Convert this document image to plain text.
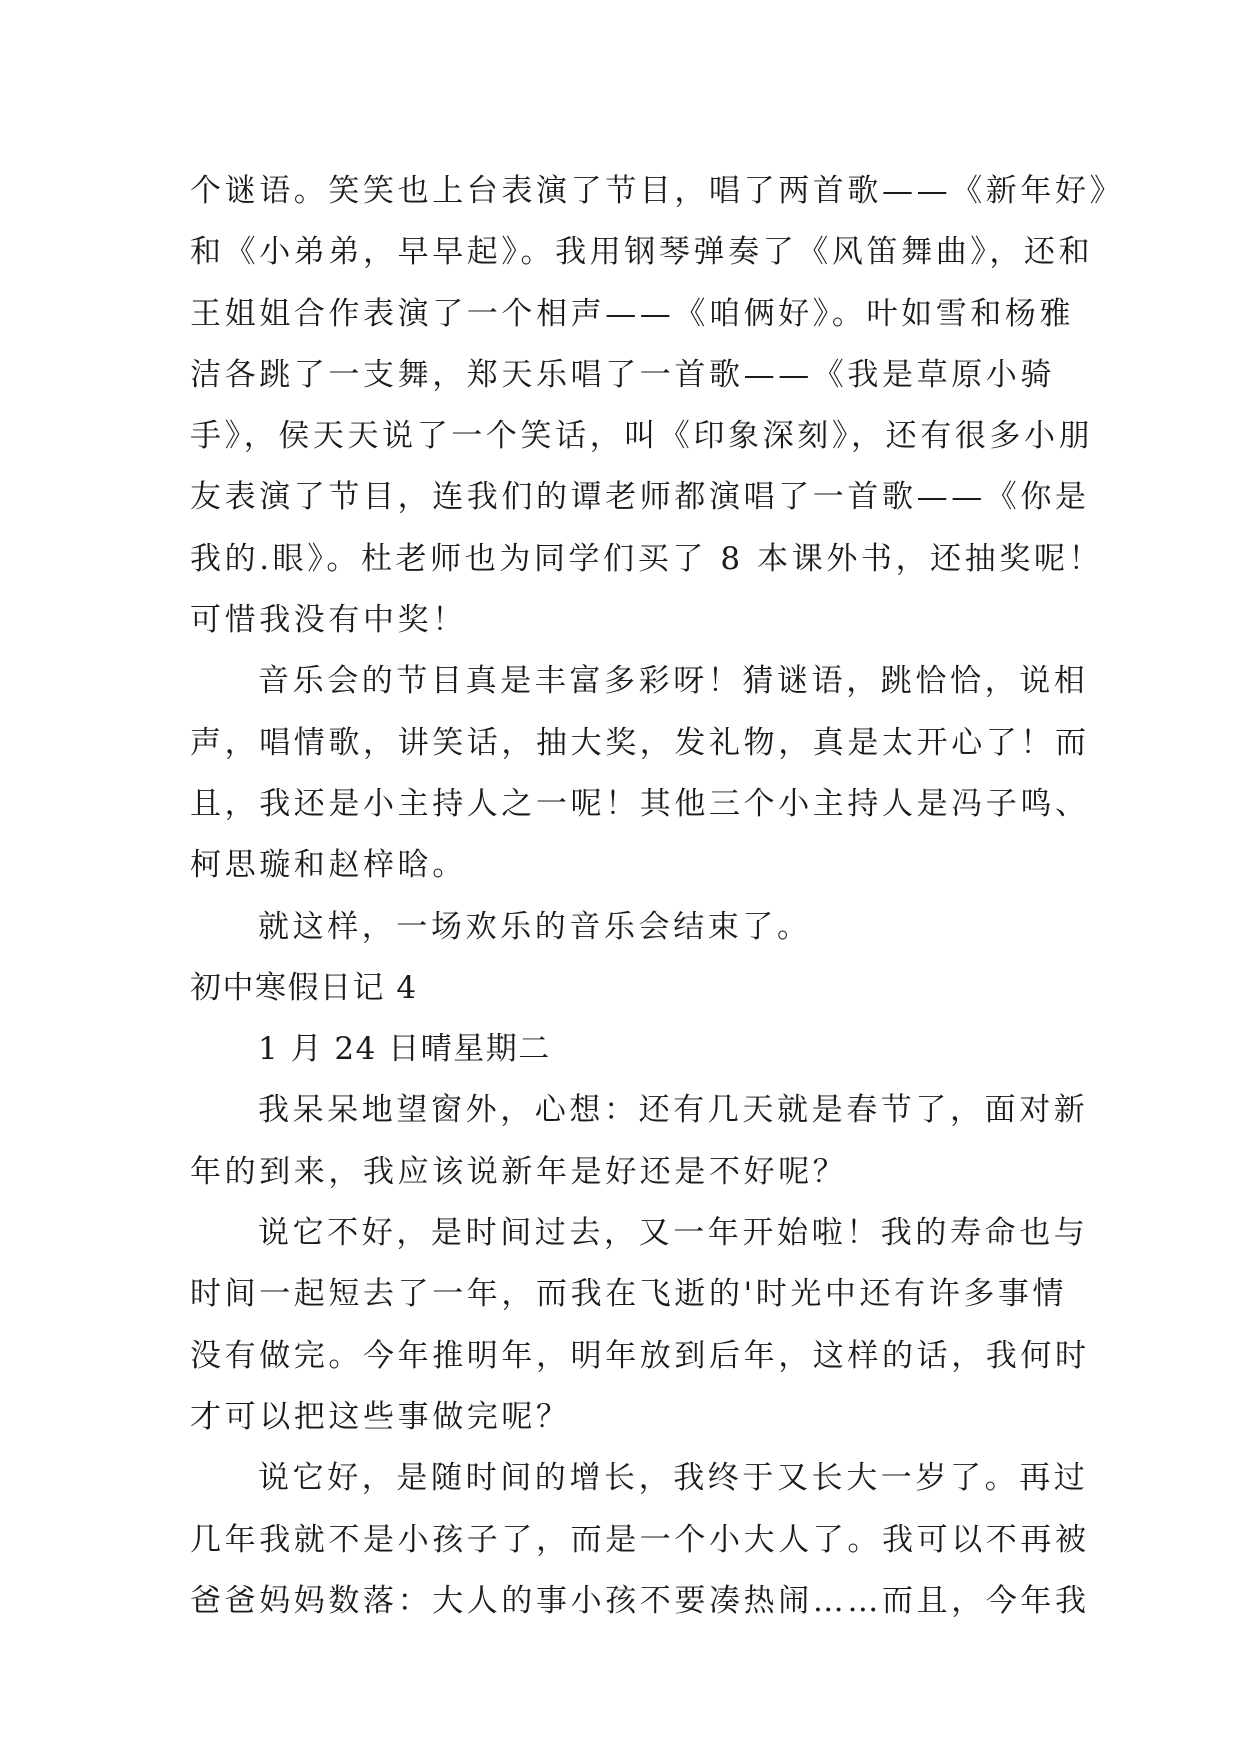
个谜语。笑笑也上台表演了节目，唱了两首歌——《新年好》
和《小弟弟，早早起》。我用钢琴弹奏了《风笛舞曲》，还和
王姐姐合作表演了一个相声——《咱俩好》。叶如雪和杨雅
洁各跳了一支舞，郑天乐唱了一首歌——《我是草原小骑
手》，侯天天说了一个笑话，叫《印象深刻》，还有很多小朋
友表演了节目，连我们的谭老师都演唱了一首歌——《你是
我的.眼》。杜老师也为同学们买了 8 本课外书，还抽奖呢！
可惜我没有中奖！
音乐会的节目真是丰富多彩呀！猜谜语，跳恰恰，说相
声，唱情歌，讲笑话，抽大奖，发礼物，真是太开心了！而
且，我还是小主持人之一呢！其他三个小主持人是冯子鸣、
柯思璇和赵梓晗。
就这样，一场欢乐的音乐会结束了。
初中寒假日记 4
1 月 24 日晴星期二
我呆呆地望窗外，心想：还有几天就是春节了，面对新
年的到来，我应该说新年是好还是不好呢？
说它不好，是时间过去，又一年开始啦！我的寿命也与
时间一起短去了一年，而我在飞逝的'时光中还有许多事情
没有做完。今年推明年，明年放到后年，这样的话，我何时
才可以把这些事做完呢？
说它好，是随时间的增长，我终于又长大一岁了。再过
几年我就不是小孩子了，而是一个小大人了。我可以不再被
爸爸妈妈数落：大人的事小孩不要凑热闹……而且，今年我
